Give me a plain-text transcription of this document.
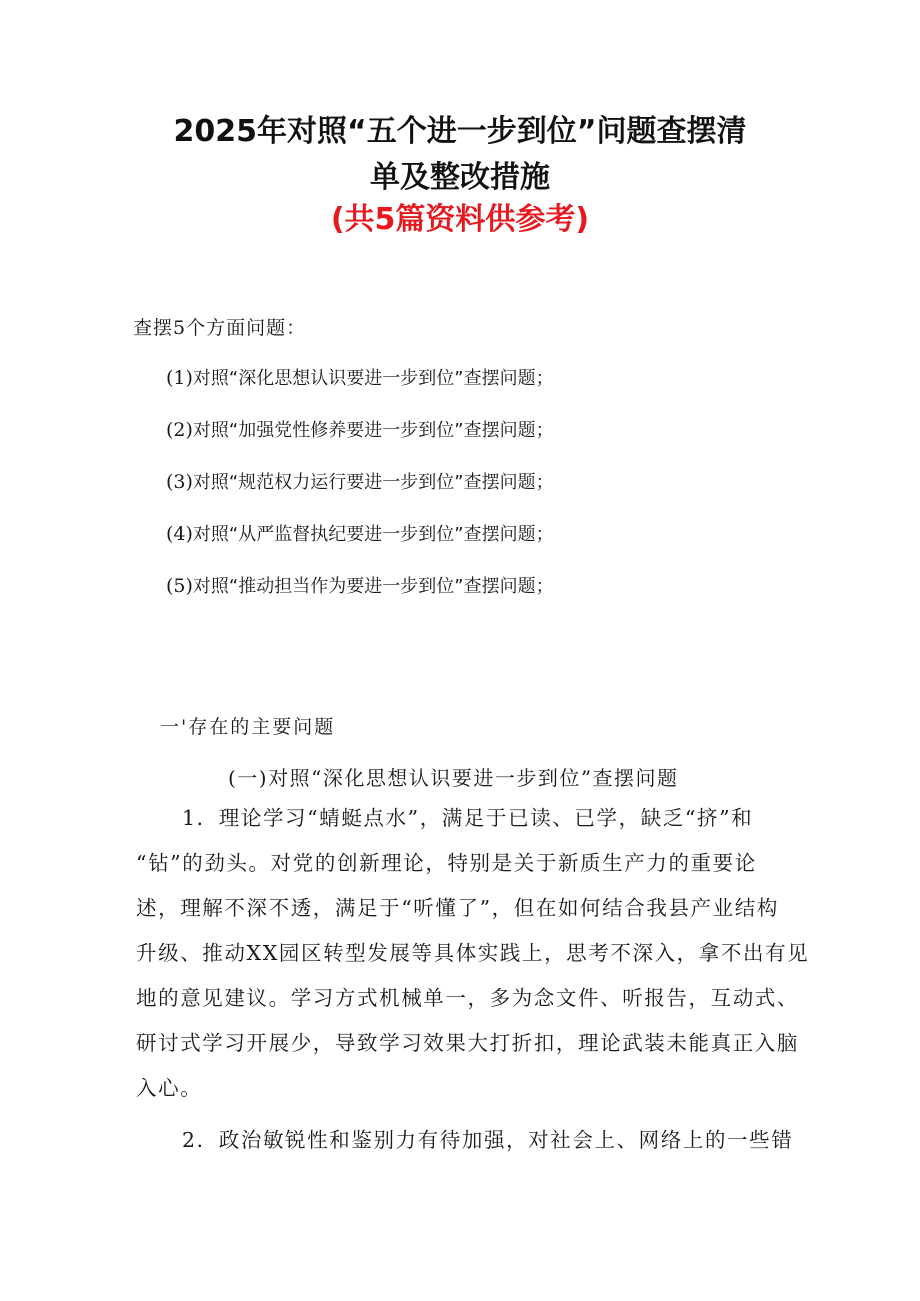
2025年对照“五个进一步到位”问题查摆清
单及整改措施
(共5篇资料供参考)
查摆5个方面问题：
(1)对照“深化思想认识要进一步到位”查摆问题；
(2)对照“加强党性修养要进一步到位”查摆问题；
(3)对照“规范权力运行要进一步到位”查摆问题；
(4)对照“从严监督执纪要进一步到位”查摆问题；
(5)对照“推动担当作为要进一步到位”查摆问题；
一'存在的主要问题
(一)对照“深化思想认识要进一步到位”查摆问题
1．理论学习“蜻蜓点水”，满足于已读、已学，缺乏“挤”和
“钻”的劲头。对党的创新理论，特别是关于新质生产力的重要论
述，理解不深不透，满足于“听懂了”，但在如何结合我县产业结构
升级、推动XX园区转型发展等具体实践上，思考不深入，拿不出有见
地的意见建议。学习方式机械单一，多为念文件、听报告，互动式、
研讨式学习开展少，导致学习效果大打折扣，理论武装未能真正入脑
入心。
2．政治敏锐性和鉴别力有待加强，对社会上、网络上的一些错
